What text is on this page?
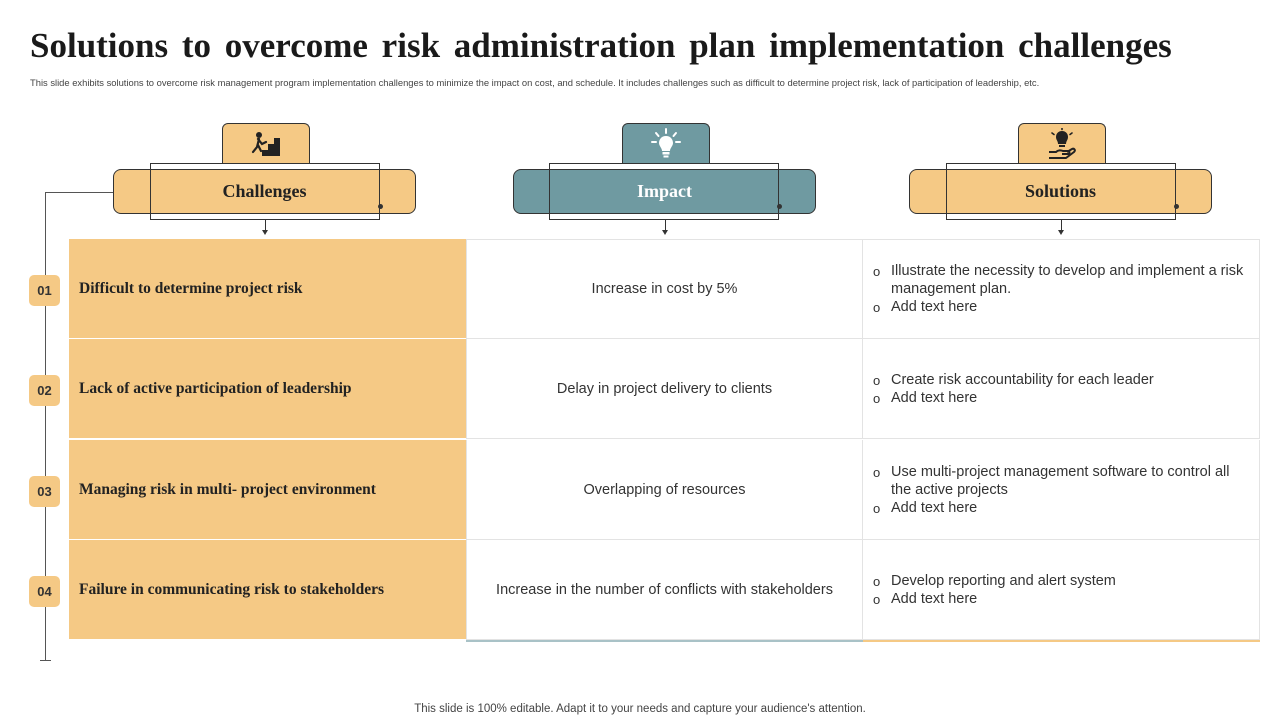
Solutions to overcome risk administration plan implementation challenges
This slide exhibits solutions to overcome risk management program implementation challenges to minimize the impact on cost, and schedule. It includes challenges such as difficult to determine project risk, lack of participation of leadership, etc.
Challenges	Impact	Solutions
01
02
03
04
Difficult to determine project risk	Increase in cost by 5%
o Illustrate the necessity to develop and implement a risk management plan.
o Add text here
Lack of active participation of leadership	Delay in project delivery to clients
o Create risk accountability for each leader
o Add text here
Managing risk in multi- project environment	Overlapping of resources
o Use multi-project management software to control all the active projects
o Add text here
Failure in communicating risk to stakeholders	Increase in the number of conflicts with stakeholders
o Develop reporting and alert system
o Add text here
This slide is 100% editable. Adapt it to your needs and capture your audience's attention.
